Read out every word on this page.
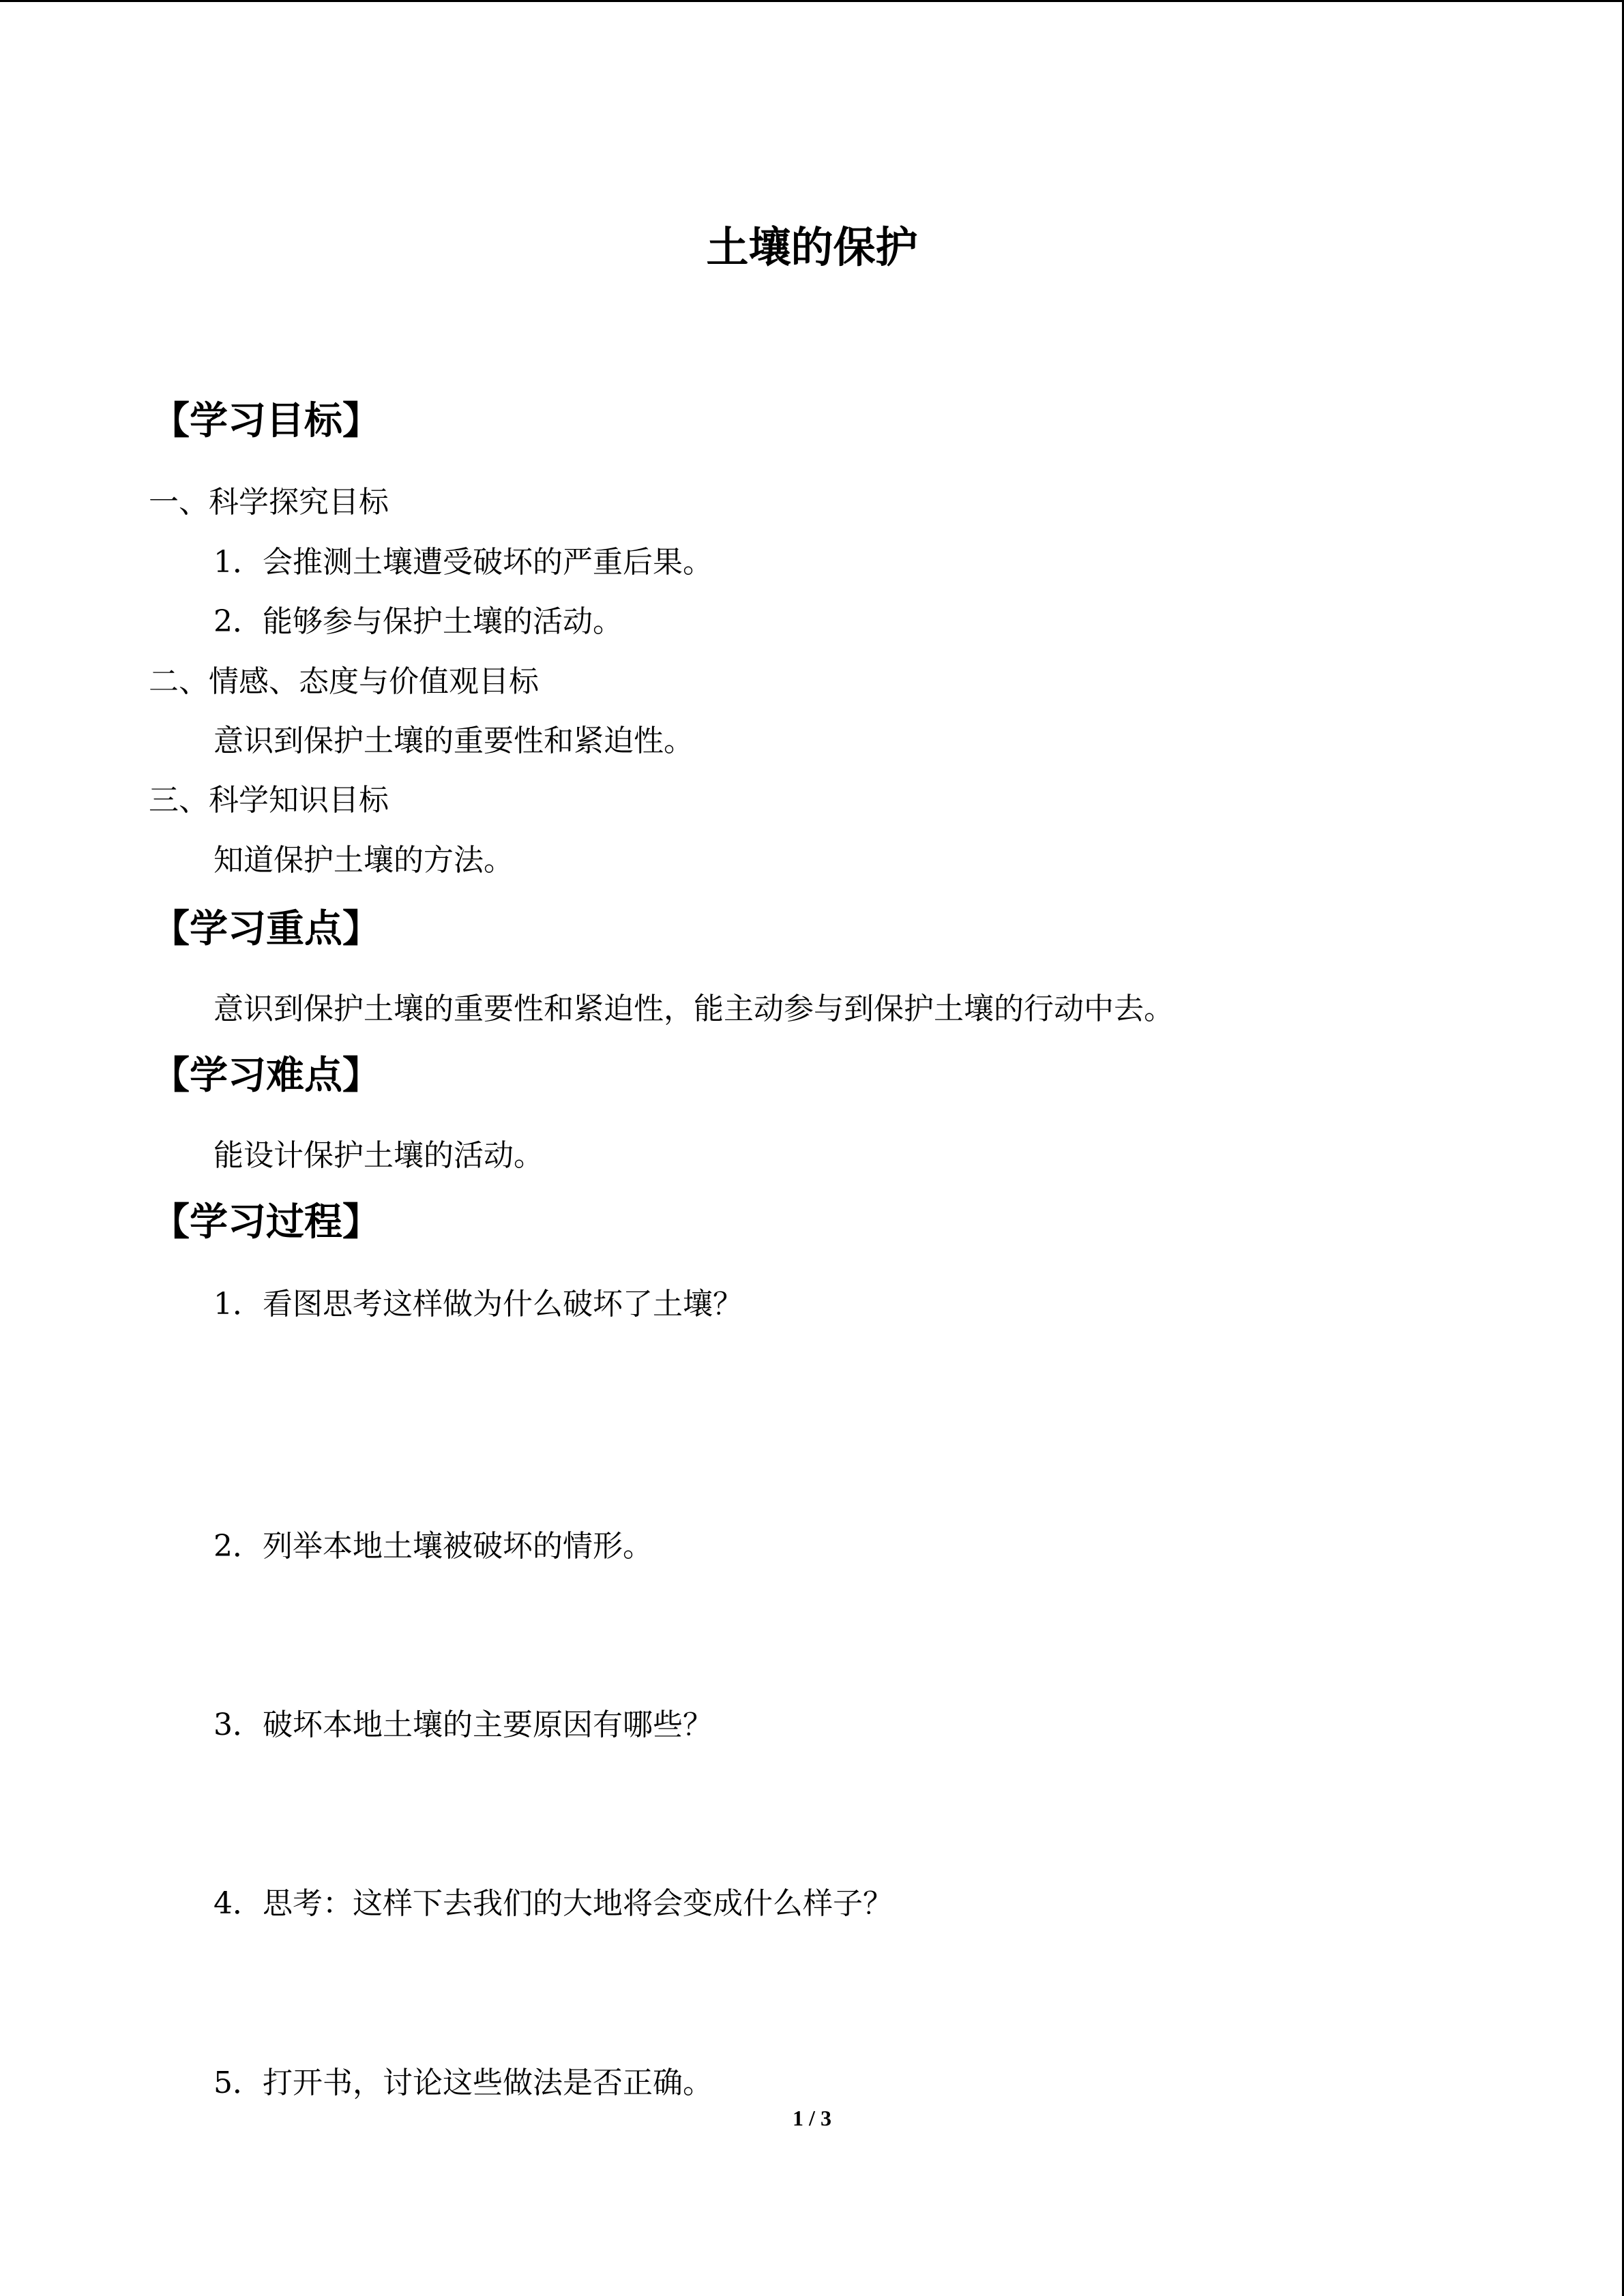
土壤的保护
【学习目标】
一、科学探究目标
1．会推测土壤遭受破坏的严重后果。
2．能够参与保护土壤的活动。
二、情感、态度与价值观目标
意识到保护土壤的重要性和紧迫性。
三、科学知识目标
知道保护土壤的方法。
【学习重点】
意识到保护土壤的重要性和紧迫性，能主动参与到保护土壤的行动中去。
【学习难点】
能设计保护土壤的活动。
【学习过程】
1．看图思考这样做为什么破坏了土壤？
2．列举本地土壤被破坏的情形。
3．破坏本地土壤的主要原因有哪些？
4．思考：这样下去我们的大地将会变成什么样子？
5．打开书，讨论这些做法是否正确。
1 / 3
